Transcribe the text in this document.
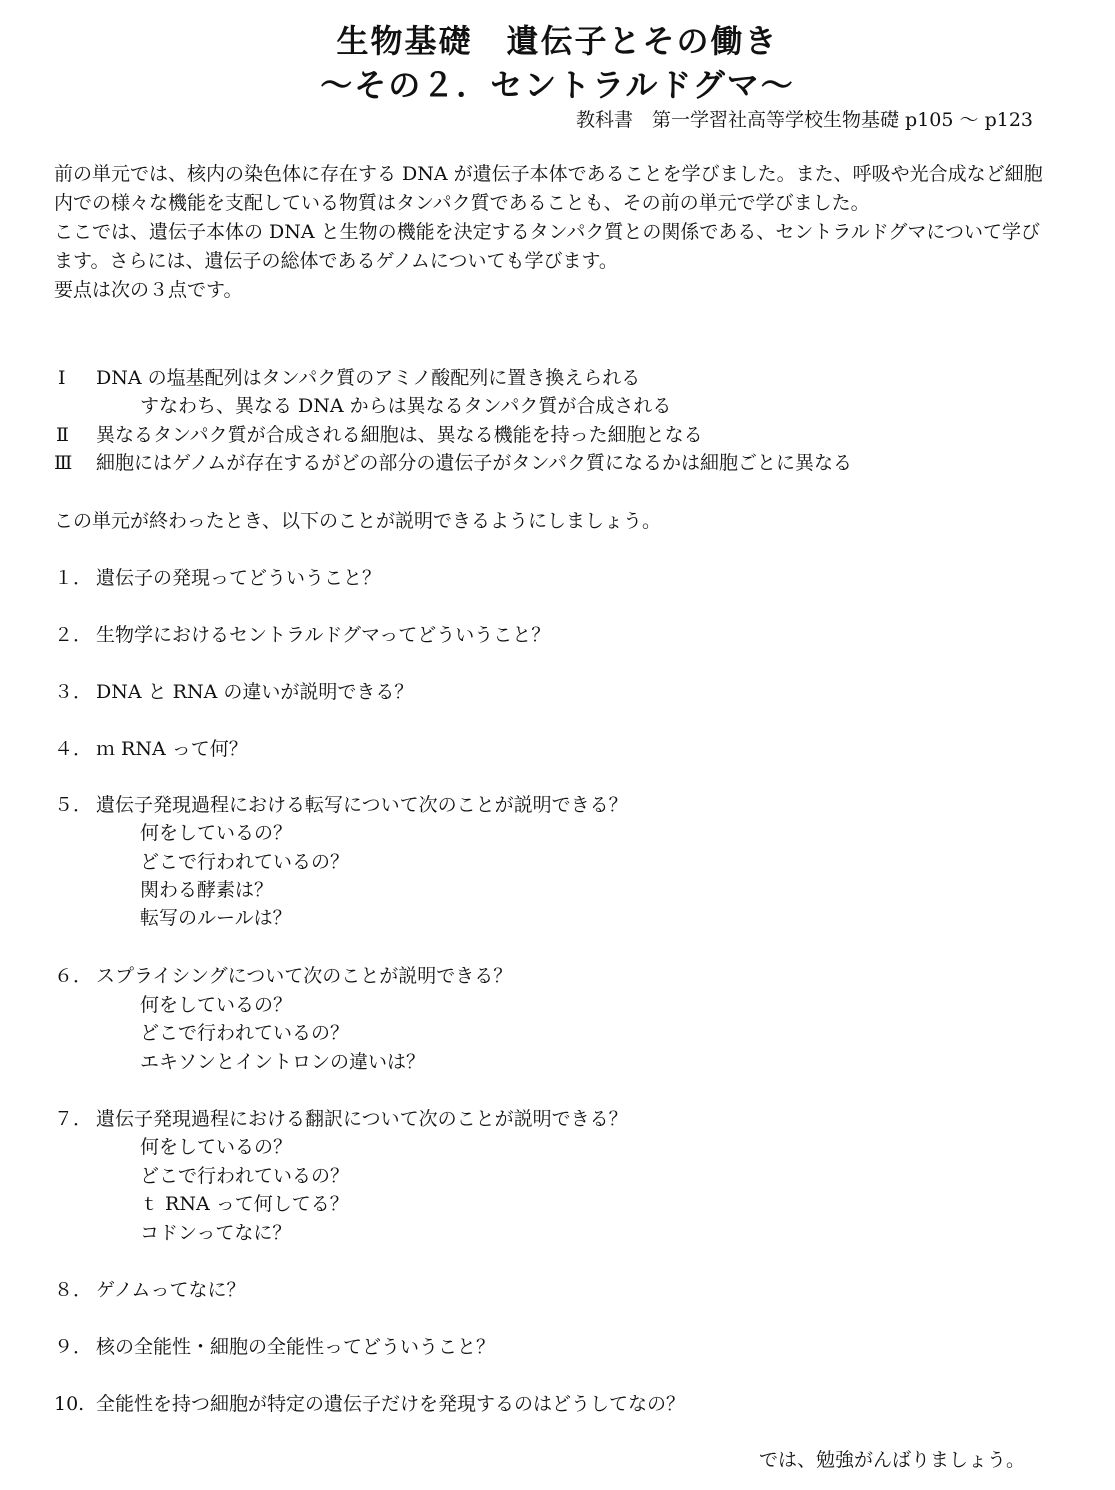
生物基礎　遺伝子とその働き
～その２．セントラルドグマ～
教科書　第一学習社高等学校生物基礎 p105 ～ p123

前の単元では、核内の染色体に存在する DNA が遺伝子本体であることを学びました。また、呼吸や光合成など細胞内での様々な機能を支配している物質はタンパク質であることも、その前の単元で学びました。

ここでは、遺伝子本体の DNA と生物の機能を決定するタンパク質との関係である、セントラルドグマについて学びます。さらには、遺伝子の総体であるゲノムについても学びます。

要点は次の３点です。

Ⅰ DNA の塩基配列はタンパク質のアミノ酸配列に置き換えられる
すなわち、異なる DNA からは異なるタンパク質が合成される
Ⅱ 異なるタンパク質が合成される細胞は、異なる機能を持った細胞となる
Ⅲ 細胞にはゲノムが存在するがどの部分の遺伝子がタンパク質になるかは細胞ごとに異なる
この単元が終わったとき、以下のことが説明できるようにしましょう。
１． 遺伝子の発現ってどういうこと？
２． 生物学におけるセントラルドグマってどういうこと？
３． DNA と RNA の違いが説明できる？
４． ｍ RNA って何？
５． 遺伝子発現過程における転写について次のことが説明できる？
何をしているの？
どこで行われているの？
関わる酵素は？
転写のルールは？
６． スプライシングについて次のことが説明できる？
何をしているの？
どこで行われているの？
エキソンとイントロンの違いは？
７． 遺伝子発現過程における翻訳について次のことが説明できる？
何をしているの？
どこで行われているの？
ｔ RNA って何してる？
コドンってなに？
８． ゲノムってなに？
９． 核の全能性・細胞の全能性ってどういうこと？
10. 全能性を持つ細胞が特定の遺伝子だけを発現するのはどうしてなの？
では、勉強がんばりましょう。
